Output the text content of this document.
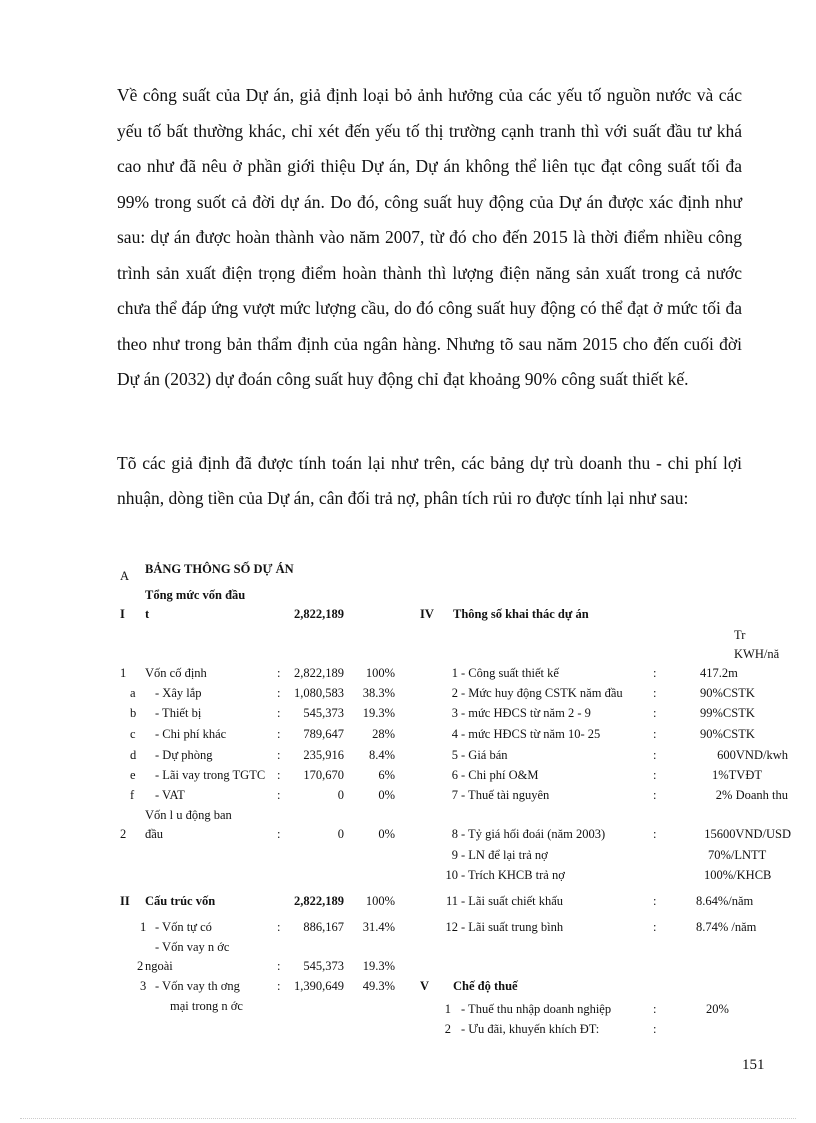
Về công suất của Dự án, giả định loại bỏ ảnh hưởng của các yếu tố nguồn nước và các yếu tố bất thường khác, chỉ xét đến yếu tố thị trường cạnh tranh thì với suất đầu tư khá cao như đã nêu ở phần giới thiệu Dự án, Dự án không thể liên tục đạt công suất tối đa 99% trong suốt cả đời dự án. Do đó, công suất huy động của Dự án được xác định như sau: dự án được hoàn thành vào năm 2007, từ đó cho đến 2015 là thời điểm nhiều công trình sản xuất điện trọng điểm hoàn thành thì lượng điện năng sản xuất trong cả nước chưa thể đáp ứng vượt mức lượng cầu, do đó công suất huy động có thể đạt ở mức tối đa theo như trong bản thẩm định của ngân hàng. Nhưng tõ sau năm 2015 cho đến cuối đời Dự án (2032) dự đoán công suất huy động chỉ đạt khoảng 90% công suất thiết kế.

Tõ các giả định đã được tính toán lại như trên, các bảng dự trù doanh thu - chi phí lợi nhuận, dòng tiền của Dự án, cân đối trả nợ, phân tích rủi ro được tính lại như sau:

A BẢNG THÔNG SỐ DỰ ÁN
Tổng mức vốn đầu
I t	2,822,189
1 Vốn cố định	:	2,822,189	100%
a - Xây lắp	:	1,080,583	38.3%
b - Thiết bị	:	545,373	19.3%
c - Chi phí khác	:	789,647	28%
d - Dự phòng	:	235,916	8.4%
e - Lãi vay trong TGTC :	170,670	6%
f - VAT	:	0	0%
Vốn l u động ban
2 đầu	:	0	0%
II Cấu trúc vốn	2,822,189	100%
1 - Vốn tự có	:	886,167	31.4%
- Vốn vay n ớc
2 ngoài	:	545,373	19.3%
3 - Vốn vay th ơng	:	1,390,649	49.3%
mại trong n ớc
IV Thông số khai thác dự án
Tr
KWH/nă
1 - Công suất thiết kế	:	417.2m
2 - Mức huy động CSTK năm đầu :	90%CSTK
3 - mức HĐCS từ năm 2 - 9	:	99%CSTK
4 - mức HĐCS từ năm 10- 25	:	90%CSTK
5 - Giá bán	:	600VND/kwh
6 - Chi phí O&M	:	1%TVĐT
7 - Thuế tài nguyên	:	2% Doanh thu
8 - Tỷ giá hối đoái (năm 2003)	:	15600VND/USD
9 - LN để lại trả nợ	70%/LNTT
10 - Trích KHCB trả nợ	100%/KHCB
11 - Lãi suất chiết khấu	:	8.64%/năm
12 - Lãi suất trung bình	:	8.74% /năm
V Chế độ thuế
1 - Thuế thu nhập doanh nghiệp	:	20%
2 - Ưu đãi, khuyến khích ĐT:	:
151
